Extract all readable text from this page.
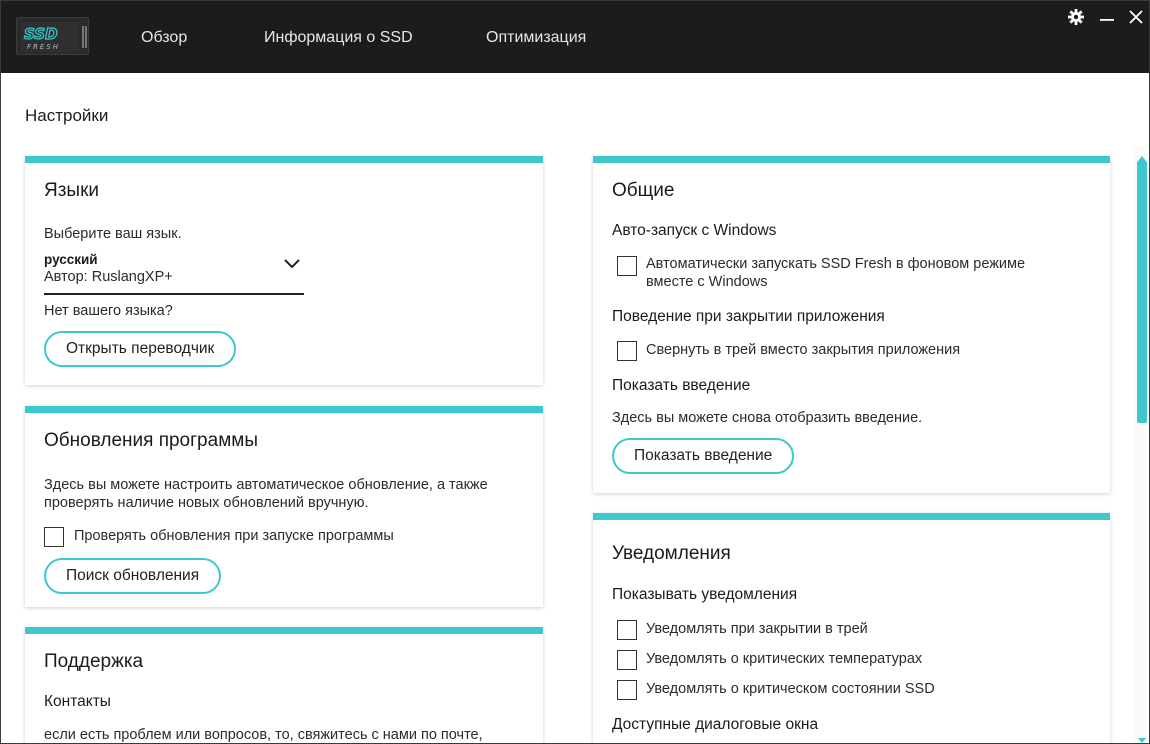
SSD
FRESH
Обзор	Информация о SSD	Оптимизация
Настройки
Языки
Выберите ваш язык.
русский
Автор: RuslangXP+
Нет вашего языка?
Открыть переводчик
Обновления программы
Здесь вы можете настроить автоматическое обновление, а также
проверять наличие новых обновлений вручную.
Проверять обновления при запуске программы
Поиск обновления
Поддержка
Контакты
если есть проблем или вопросов, то, свяжитесь с нами по почте,
Общие
Авто-запуск с Windows
Автоматически запускать SSD Fresh в фоновом режиме
вместе с Windows
Поведение при закрытии приложения
Свернуть в трей вместо закрытия приложения
Показать введение
Здесь вы можете снова отобразить введение.
Показать введение
Уведомления
Показывать уведомления
Уведомлять при закрытии в трей
Уведомлять о критических температурах
Уведомлять о критическом состоянии SSD
Доступные диалоговые окна
